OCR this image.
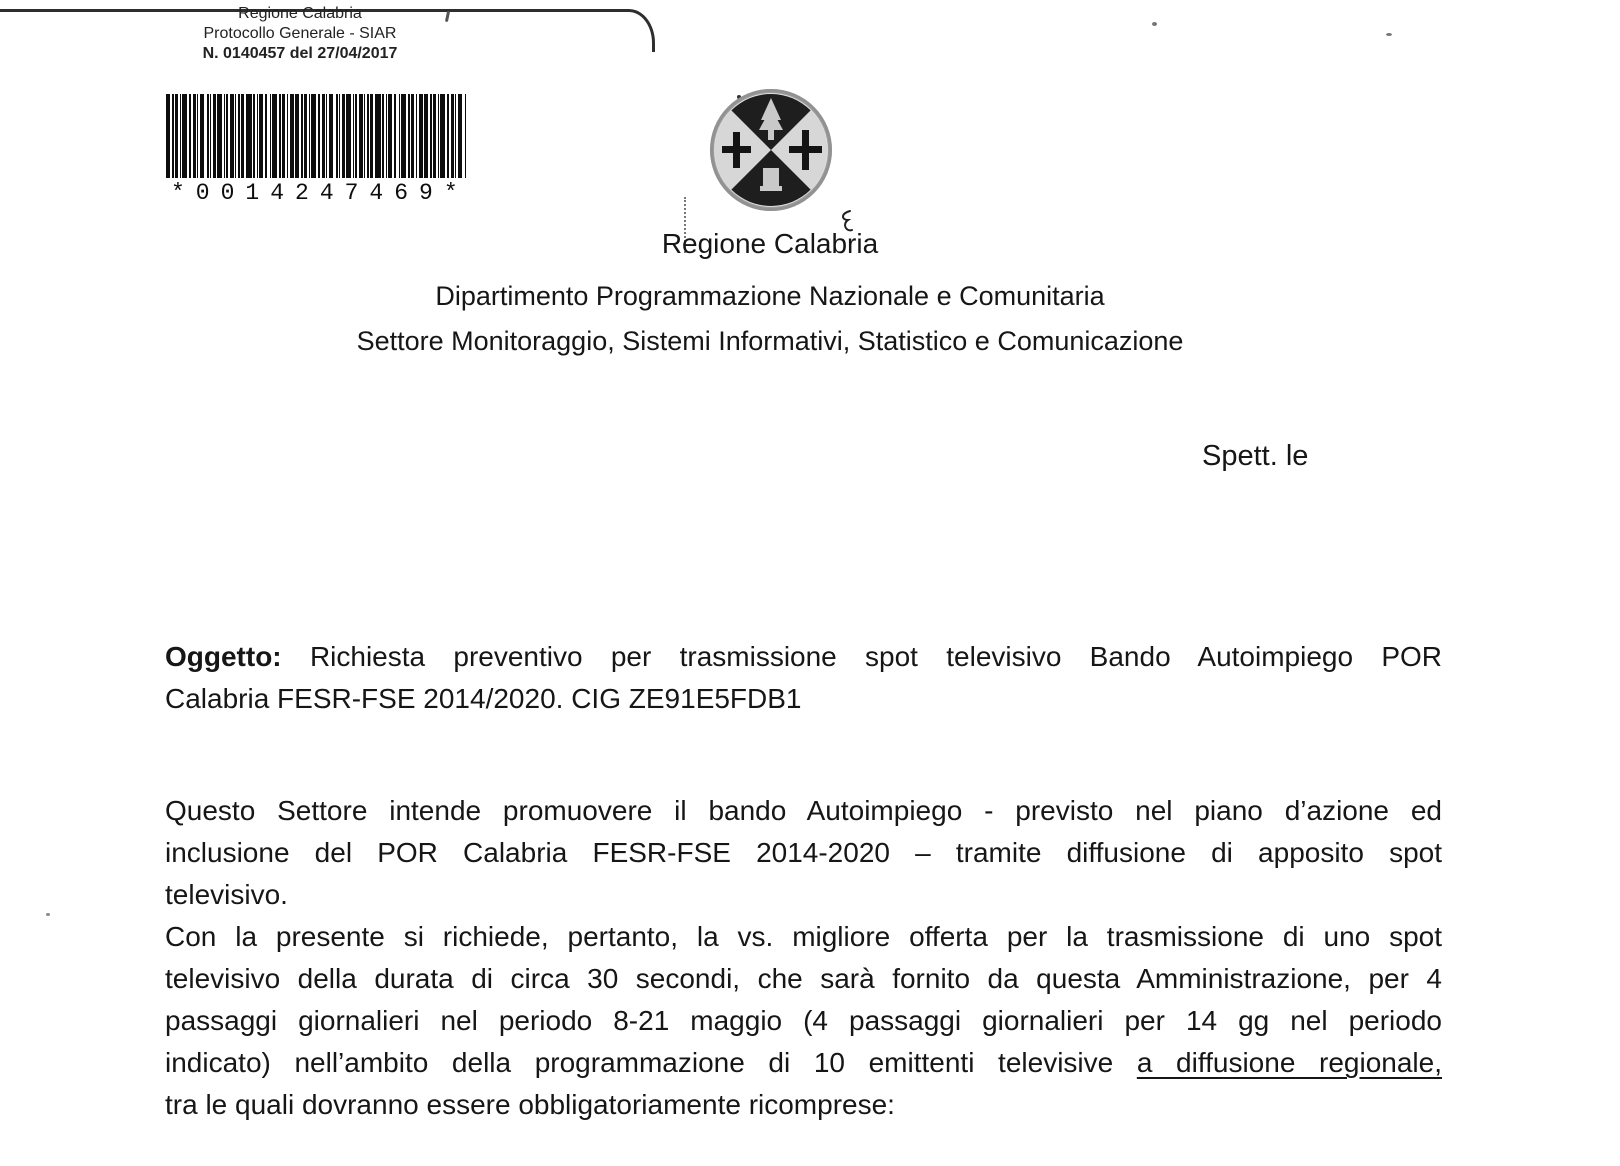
Regione Calabria
Protocollo Generale - SIAR
N. 0140457 del 27/04/2017
*0014247469*
Regione Calabria
Dipartimento Programmazione Nazionale e Comunitaria
Settore Monitoraggio, Sistemi Informativi, Statistico e Comunicazione
Spett. le
Oggetto: Richiesta preventivo per trasmissione spot televisivo Bando Autoimpiego POR
Calabria FESR-FSE 2014/2020. CIG ZE91E5FDB1
Questo Settore intende promuovere il bando Autoimpiego - previsto nel piano d’azione ed
inclusione del POR Calabria FESR-FSE 2014-2020 – tramite diffusione di apposito spot
televisivo.
Con la presente si richiede, pertanto, la vs. migliore offerta per la trasmissione di uno spot
televisivo della durata di circa 30 secondi, che sarà fornito da questa Amministrazione, per 4
passaggi giornalieri nel periodo 8-21 maggio (4 passaggi giornalieri per 14 gg nel periodo
indicato) nell’ambito della programmazione di 10 emittenti televisive a diffusione regionale,
tra le quali dovranno essere obbligatoriamente ricomprese:
